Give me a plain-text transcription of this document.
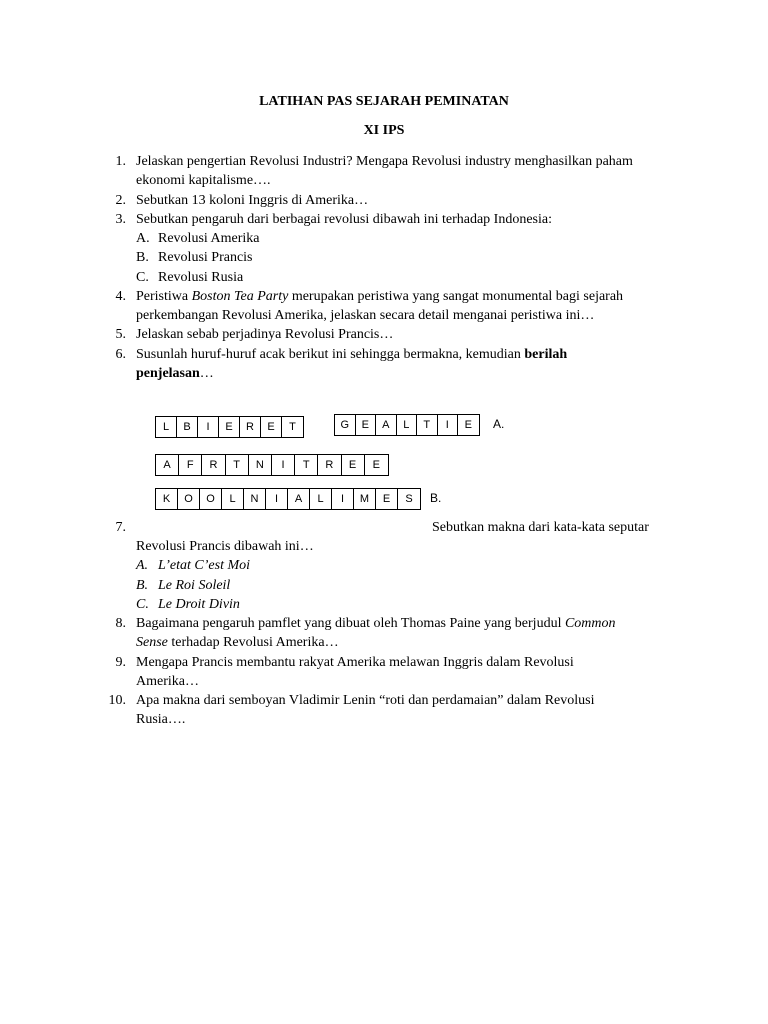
LATIHAN PAS SEJARAH PEMINATAN
XI IPS
1. Jelaskan pengertian Revolusi Industri? Mengapa Revolusi industry menghasilkan paham
ekonomi kapitalisme….
2. Sebutkan 13 koloni Inggris di Amerika…
3. Sebutkan pengaruh dari berbagai revolusi dibawah ini terhadap Indonesia:
A. Revolusi Amerika
B. Revolusi Prancis
C. Revolusi Rusia
4. Peristiwa Boston Tea Party merupakan peristiwa yang sangat monumental bagi sejarah
perkembangan Revolusi Amerika, jelaskan secara detail menganai peristiwa ini…
5. Jelaskan sebab perjadinya Revolusi Prancis…
6. Susunlah huruf-huruf acak berikut ini sehingga bermakna, kemudian berilah
penjelasan…
L	B	I	E	R	E	T	G	E	A	L	T	I	E	A.
A	F	R	T	N	I	T	R	E	E
K	O	O	L	N	I	A	L	I	M	E	S	B.
7.	Sebutkan makna dari kata-kata seputar
Revolusi Prancis dibawah ini…
A. L’etat C’est Moi
B. Le Roi Soleil
C. Le Droit Divin
8. Bagaimana pengaruh pamflet yang dibuat oleh Thomas Paine yang berjudul Common
Sense terhadap Revolusi Amerika…
9. Mengapa Prancis membantu rakyat Amerika melawan Inggris dalam Revolusi
Amerika…
10. Apa makna dari semboyan Vladimir Lenin “roti dan perdamaian” dalam Revolusi
Rusia….
